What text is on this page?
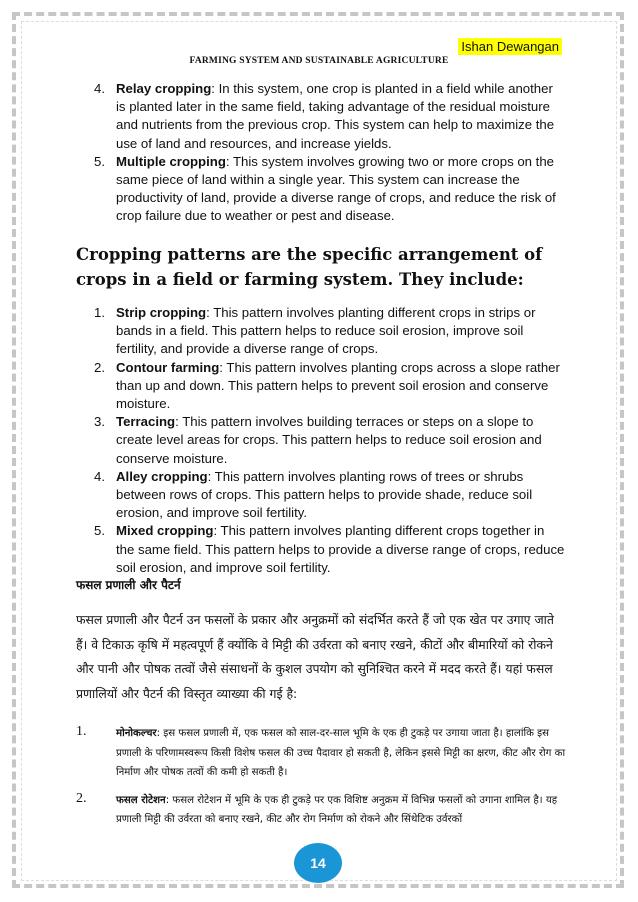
Ishan Dewangan
FARMING SYSTEM AND SUSTAINABLE AGRICULTURE
4. Relay cropping: In this system, one crop is planted in a field while another is planted later in the same field, taking advantage of the residual moisture and nutrients from the previous crop. This system can help to maximize the use of land and resources, and increase yields.
5. Multiple cropping: This system involves growing two or more crops on the same piece of land within a single year. This system can increase the productivity of land, provide a diverse range of crops, and reduce the risk of crop failure due to weather or pest and disease.
Cropping patterns are the specific arrangement of crops in a field or farming system. They include:
1. Strip cropping: This pattern involves planting different crops in strips or bands in a field. This pattern helps to reduce soil erosion, improve soil fertility, and provide a diverse range of crops.
2. Contour farming: This pattern involves planting crops across a slope rather than up and down. This pattern helps to prevent soil erosion and conserve moisture.
3. Terracing: This pattern involves building terraces or steps on a slope to create level areas for crops. This pattern helps to reduce soil erosion and conserve moisture.
4. Alley cropping: This pattern involves planting rows of trees or shrubs between rows of crops. This pattern helps to provide shade, reduce soil erosion, and improve soil fertility.
5. Mixed cropping: This pattern involves planting different crops together in the same field. This pattern helps to provide a diverse range of crops, reduce soil erosion, and improve soil fertility.
फसल प्रणाली और पैटर्न
फसल प्रणाली और पैटर्न उन फसलों के प्रकार और अनुक्रमों को संदर्भित करते हैं जो एक खेत पर उगाए जाते हैं। वे टिकाऊ कृषि में महत्वपूर्ण हैं क्योंकि वे मिट्टी की उर्वरता को बनाए रखने, कीटों और बीमारियों को रोकने और पानी और पोषक तत्वों जैसे संसाधनों के कुशल उपयोग को सुनिश्चित करने में मदद करते हैं। यहां फसल प्रणालियों और पैटर्न की विस्तृत व्याख्या की गई है:
1.	मोनोकल्चर: इस फसल प्रणाली में, एक फसल को साल-दर-साल भूमि के एक ही टुकड़े पर उगाया जाता है। हालांकि इस प्रणाली के परिणामस्वरूप किसी विशेष फसल की उच्च पैदावार हो सकती है, लेकिन इससे मिट्टी का क्षरण, कीट और रोग का निर्माण और पोषक तत्वों की कमी हो सकती है।
2.	फसल रोटेशन: फसल रोटेशन में भूमि के एक ही टुकड़े पर एक विशिष्ट अनुक्रम में विभिन्न फसलों को उगाना शामिल है। यह प्रणाली मिट्टी की उर्वरता को बनाए रखने, कीट और रोग निर्माण को रोकने और सिंथेटिक उर्वरकों
14
